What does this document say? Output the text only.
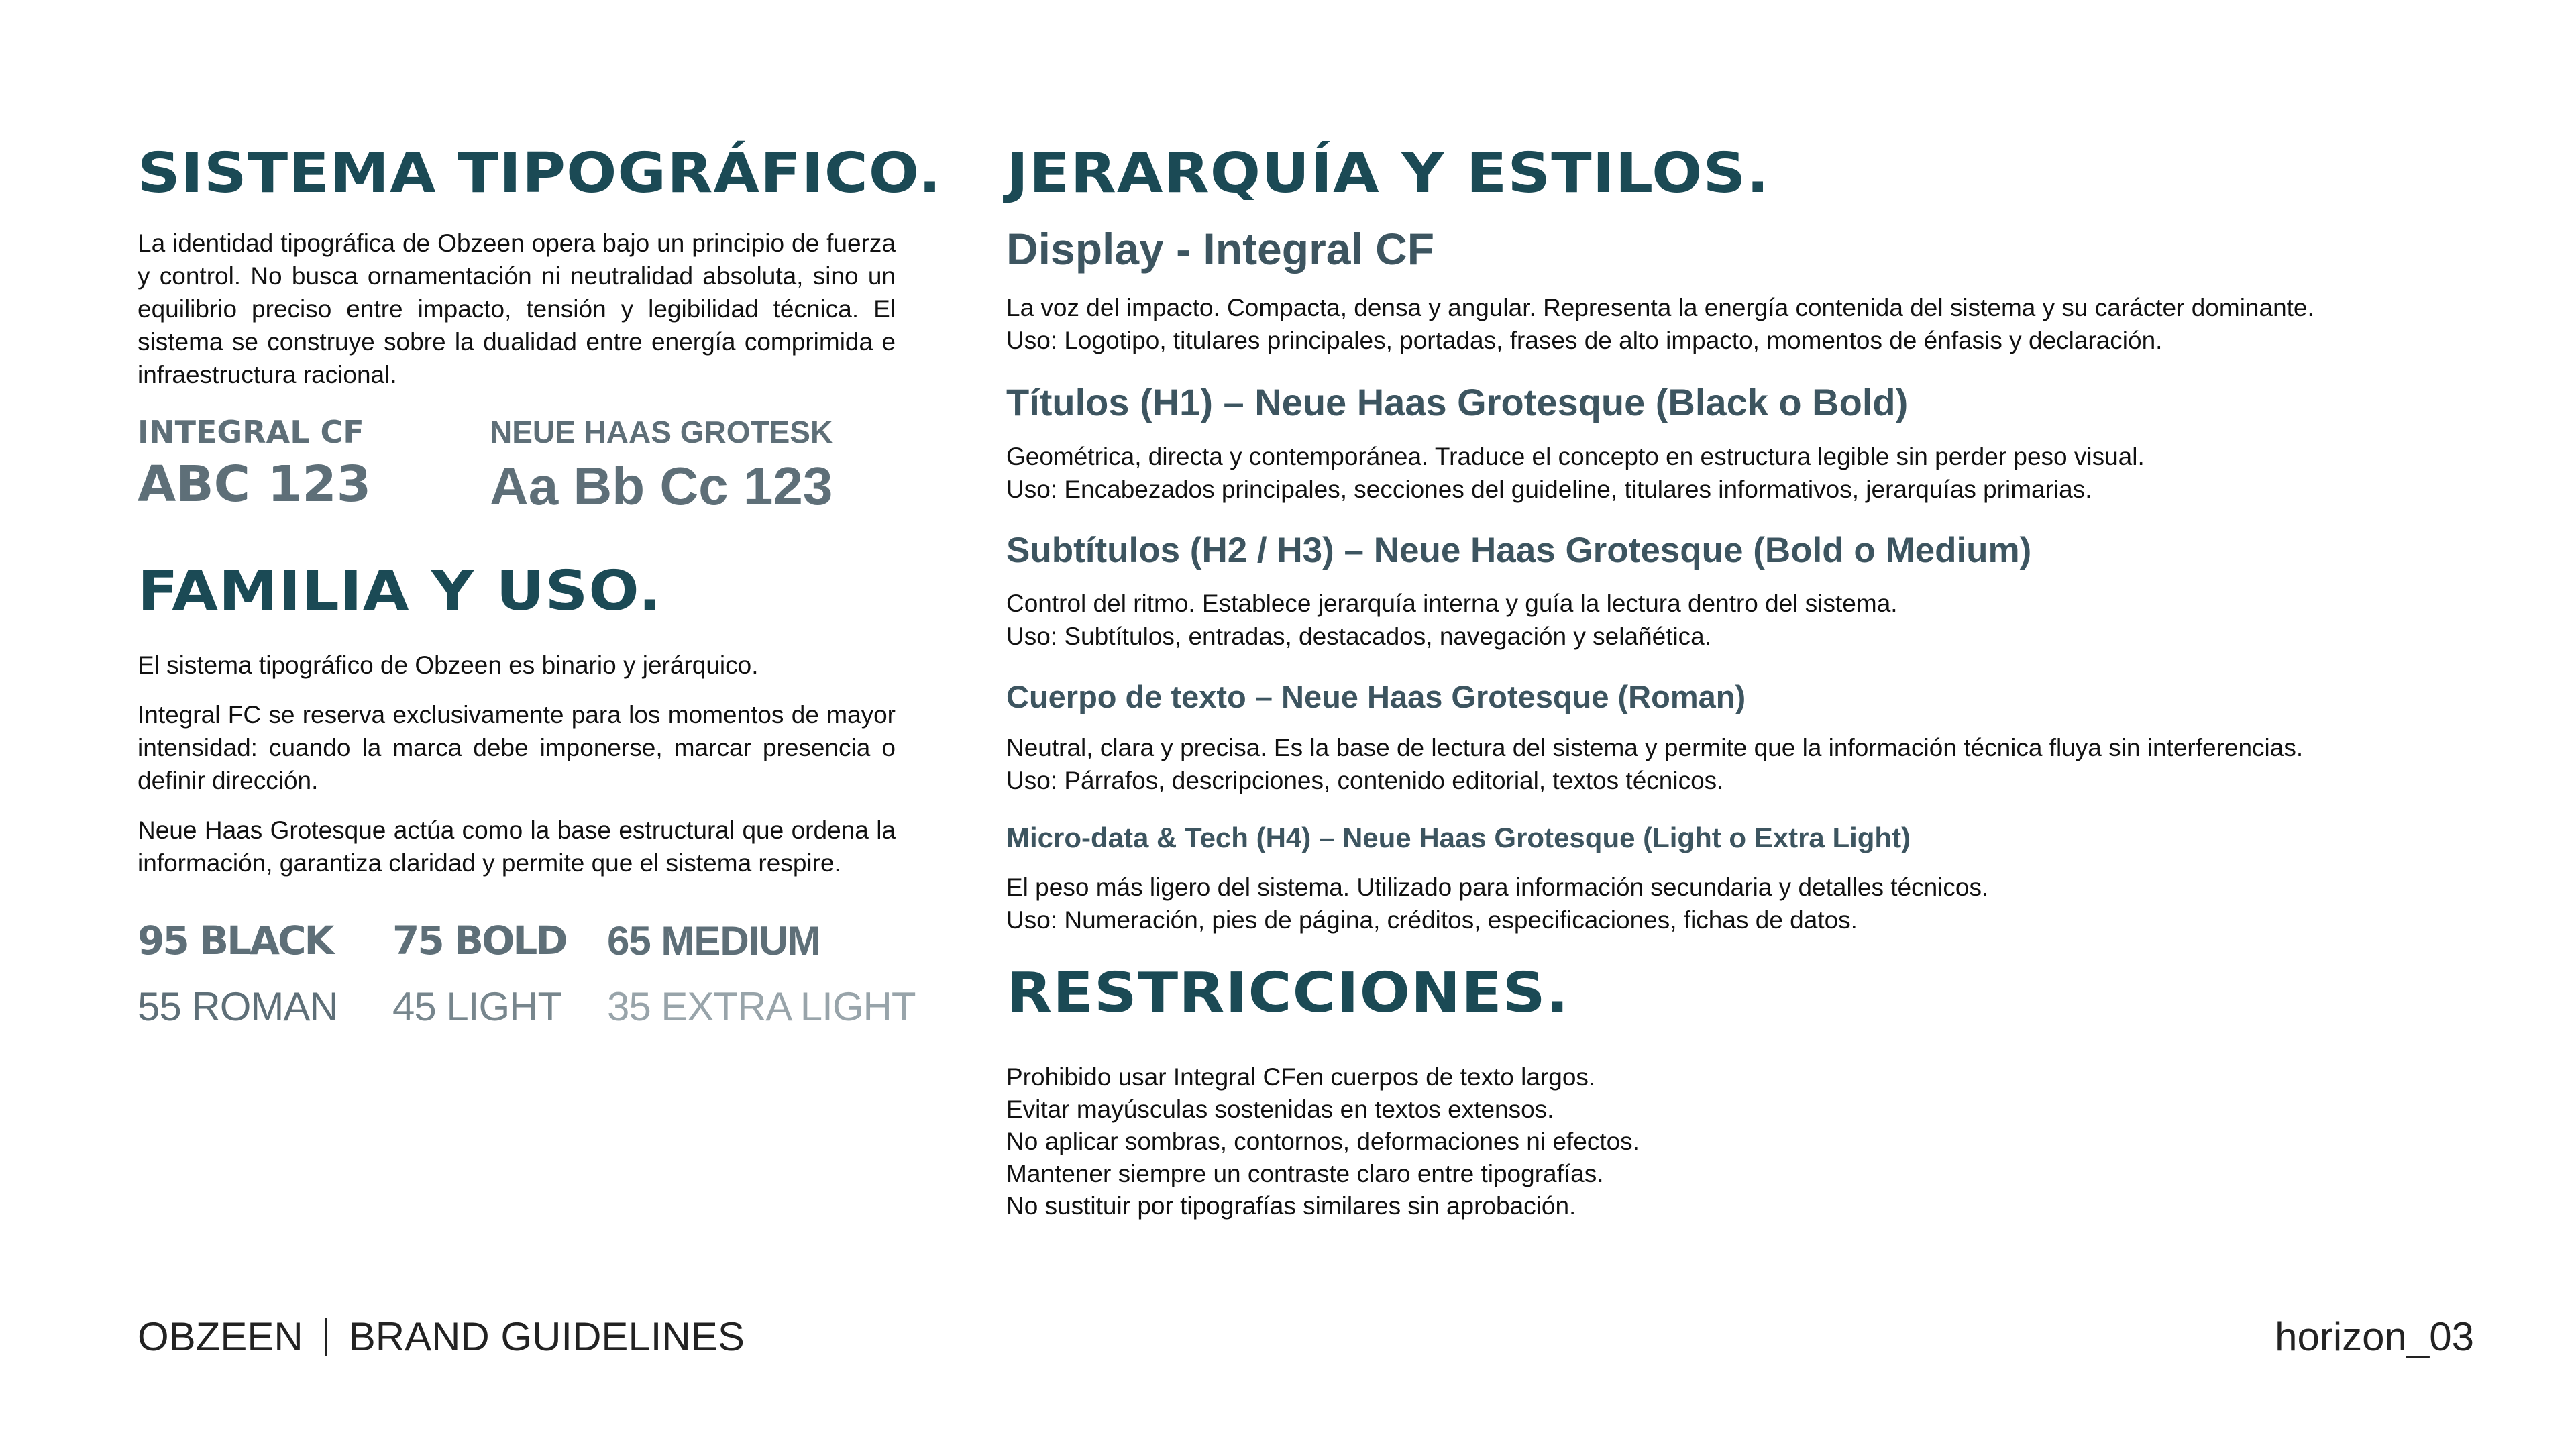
SISTEMA TIPOGRÁFICO.

La identidad tipográfica de Obzeen opera bajo un principio de fuerza y control. No busca ornamentación ni neutralidad absoluta, sino un equilibrio preciso entre impacto, tensión y legibilidad técnica. El sistema se construye sobre la dualidad entre energía comprimida e infraestructura racional.

INTEGRAL CF
ABC 123
NEUE HAAS GROTESK
Aa Bb Cc 123
FAMILIA Y USO.

El sistema tipográfico de Obzeen es binario y jerárquico.

Integral FC se reserva exclusivamente para los momentos de mayor intensidad: cuando la marca debe imponerse, marcar presencia o definir dirección.

Neue Haas Grotesque actúa como la base estructural que ordena la información, garantiza claridad y permite que el sistema respire.

95 BLACK	75 BOLD	65 MEDIUM
55 ROMAN	45 LIGHT	35 EXTRA LIGHT
JERARQUÍA Y ESTILOS.
Display - Integral CF

La voz del impacto. Compacta, densa y angular. Representa la energía contenida del sistema y su carácter dominante.

Uso: Logotipo, titulares principales, portadas, frases de alto impacto, momentos de énfasis y declaración.

Títulos (H1) – Neue Haas Grotesque (Black o Bold)

Geométrica, directa y contemporánea. Traduce el concepto en estructura legible sin perder peso visual.

Uso: Encabezados principales, secciones del guideline, titulares informativos, jerarquías primarias.

Subtítulos (H2 / H3) – Neue Haas Grotesque (Bold o Medium)

Control del ritmo. Establece jerarquía interna y guía la lectura dentro del sistema.

Uso: Subtítulos, entradas, destacados, navegación y selañética.

Cuerpo de texto – Neue Haas Grotesque (Roman)

Neutral, clara y precisa. Es la base de lectura del sistema y permite que la información técnica fluya sin interferencias.

Uso: Párrafos, descripciones, contenido editorial, textos técnicos.

Micro-data & Tech (H4) – Neue Haas Grotesque (Light o Extra Light)

El peso más ligero del sistema. Utilizado para información secundaria y detalles técnicos.

Uso: Numeración, pies de página, créditos, especificaciones, fichas de datos.

RESTRICCIONES.
Prohibido usar Integral CFen cuerpos de texto largos.
Evitar mayúsculas sostenidas en textos extensos.
No aplicar sombras, contornos, deformaciones ni efectos.
Mantener siempre un contraste claro entre tipografías.
No sustituir por tipografías similares sin aprobación.
OBZEEN BRAND GUIDELINES	horizon_03
